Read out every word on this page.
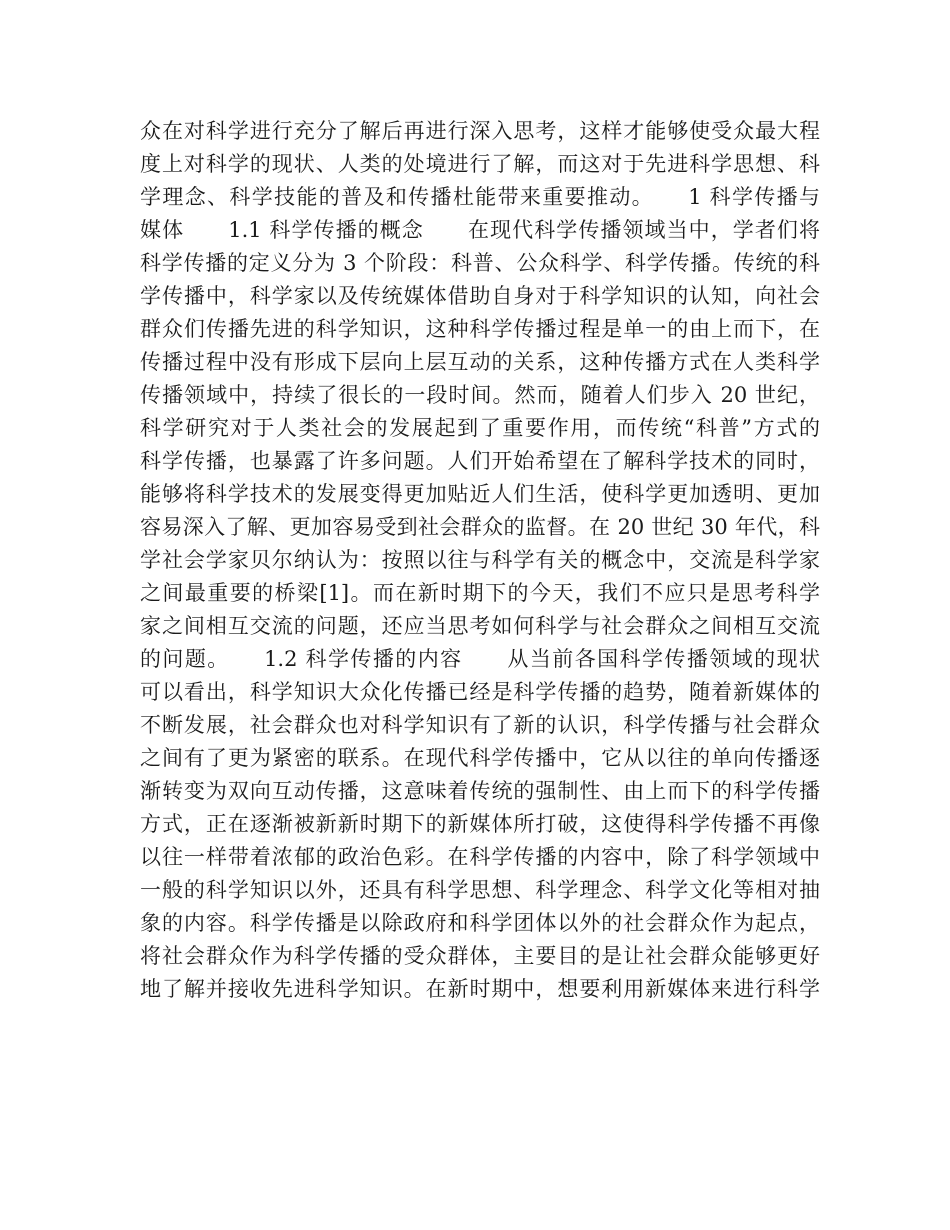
众在对科学进行充分了解后再进行深入思考，这样才能够使受众最大程
度上对科学的现状、人类的处境进行了解，而这对于先进科学思想、科
学理念、科学技能的普及和传播杜能带来重要推动。　　1 科学传播与
媒体　　1.1 科学传播的概念　　在现代科学传播领域当中，学者们将
科学传播的定义分为 3 个阶段：科普、公众科学、科学传播。传统的科
学传播中，科学家以及传统媒体借助自身对于科学知识的认知，向社会
群众们传播先进的科学知识，这种科学传播过程是单一的由上而下，在
传播过程中没有形成下层向上层互动的关系，这种传播方式在人类科学
传播领域中，持续了很长的一段时间。然而，随着人们步入 20 世纪，
科学研究对于人类社会的发展起到了重要作用，而传统“科普”方式的
科学传播，也暴露了许多问题。人们开始希望在了解科学技术的同时，
能够将科学技术的发展变得更加贴近人们生活，使科学更加透明、更加
容易深入了解、更加容易受到社会群众的监督。在 20 世纪 30 年代，科
学社会学家贝尔纳认为：按照以往与科学有关的概念中，交流是科学家
之间最重要的桥梁[1]。而在新时期下的今天，我们不应只是思考科学
家之间相互交流的问题，还应当思考如何科学与社会群众之间相互交流
的问题。　　1.2 科学传播的内容　　从当前各国科学传播领域的现状
可以看出，科学知识大众化传播已经是科学传播的趋势，随着新媒体的
不断发展，社会群众也对科学知识有了新的认识，科学传播与社会群众
之间有了更为紧密的联系。在现代科学传播中，它从以往的单向传播逐
渐转变为双向互动传播，这意味着传统的强制性、由上而下的科学传播
方式，正在逐渐被新新时期下的新媒体所打破，这使得科学传播不再像
以往一样带着浓郁的政治色彩。在科学传播的内容中，除了科学领域中
一般的科学知识以外，还具有科学思想、科学理念、科学文化等相对抽
象的内容。科学传播是以除政府和科学团体以外的社会群众作为起点，
将社会群众作为科学传播的受众群体，主要目的是让社会群众能够更好
地了解并接收先进科学知识。在新时期中，想要利用新媒体来进行科学
